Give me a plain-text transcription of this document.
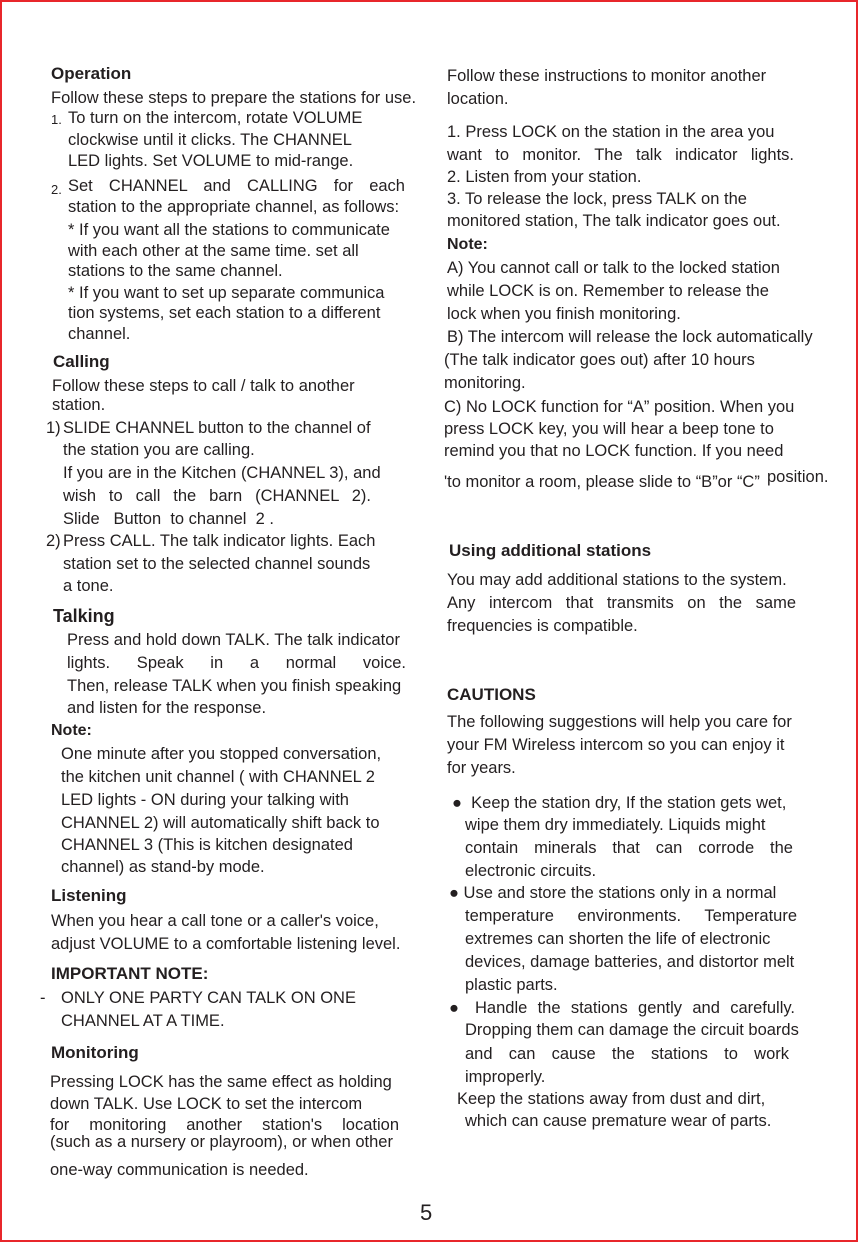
Operation
Follow these steps to prepare the stations for use.
1. To turn on the intercom, rotate VOLUME
clockwise until it clicks. The CHANNEL
LED lights. Set VOLUME to mid-range.
2. Set CHANNEL and CALLING for each
station to the appropriate channel, as follows:
* If you want all the stations to communicate
with each other at the same time. set all
stations to the same channel.
* If you want to set up separate communica
tion systems, set each station to a different
channel.
Calling
Follow these steps to call / talk to another
station.
1) SLIDE CHANNEL button to the channel of
the station you are calling.
If you are in the Kitchen (CHANNEL 3), and
wish to call the barn (CHANNEL 2).
Slide   Button  to channel  2 .
2) Press CALL. The talk indicator lights. Each
station set to the selected channel sounds
a tone.
Talking
Press and hold down TALK. The talk indicator
lights. Speak in a normal voice.
Then, release TALK when you finish speaking
and listen for the response.
Note:
One minute after you stopped conversation,
the kitchen unit channel ( with CHANNEL 2
LED lights - ON during your talking with
CHANNEL 2) will automatically shift back to
CHANNEL 3 (This is kitchen designated
channel) as stand-by mode.
Listening
When you hear a call tone or a caller's voice,
adjust VOLUME to a comfortable listening level.
IMPORTANT NOTE:
- ONLY ONE PARTY CAN TALK ON ONE
CHANNEL AT A TIME.
Monitoring
Pressing LOCK has the same effect as holding
down TALK. Use LOCK to set the intercom
for monitoring another station's location
(such as a nursery or playroom), or when other
one-way communication is needed.
Follow these instructions to monitor another
location.
1. Press LOCK on the station in the area you
want to monitor. The talk indicator lights.
2. Listen from your station.
3. To release the lock, press TALK on the
monitored station, The talk indicator goes out.
Note:
A) You cannot call or talk to the locked station
while LOCK is on. Remember to release the
lock when you finish monitoring.
B) The intercom will release the lock automatically
(The talk indicator goes out) after 10 hours
monitoring.
C) No LOCK function for “A” position. When you
press LOCK key, you will hear a beep tone to
remind you that no LOCK function. If you need
'to monitor a room, please slide to “B”or “C” position.
Using additional stations
You may add additional stations to the system.
Any intercom that transmits on the same
frequencies is compatible.
CAUTIONS
The following suggestions will help you care for
your FM Wireless intercom so you can enjoy it
for years.
●  Keep the station dry, If the station gets wet,
wipe them dry immediately. Liquids might
contain minerals that can corrode the
electronic circuits.
● Use and store the stations only in a normal
temperature environments. Temperature
extremes can shorten the life of electronic
devices, damage batteries, and distortor melt
plastic parts.
● Handle the stations gently and carefully.
Dropping them can damage the circuit boards
and can cause the stations to work
improperly.
Keep the stations away from dust and dirt,
which can cause premature wear of parts.
5
